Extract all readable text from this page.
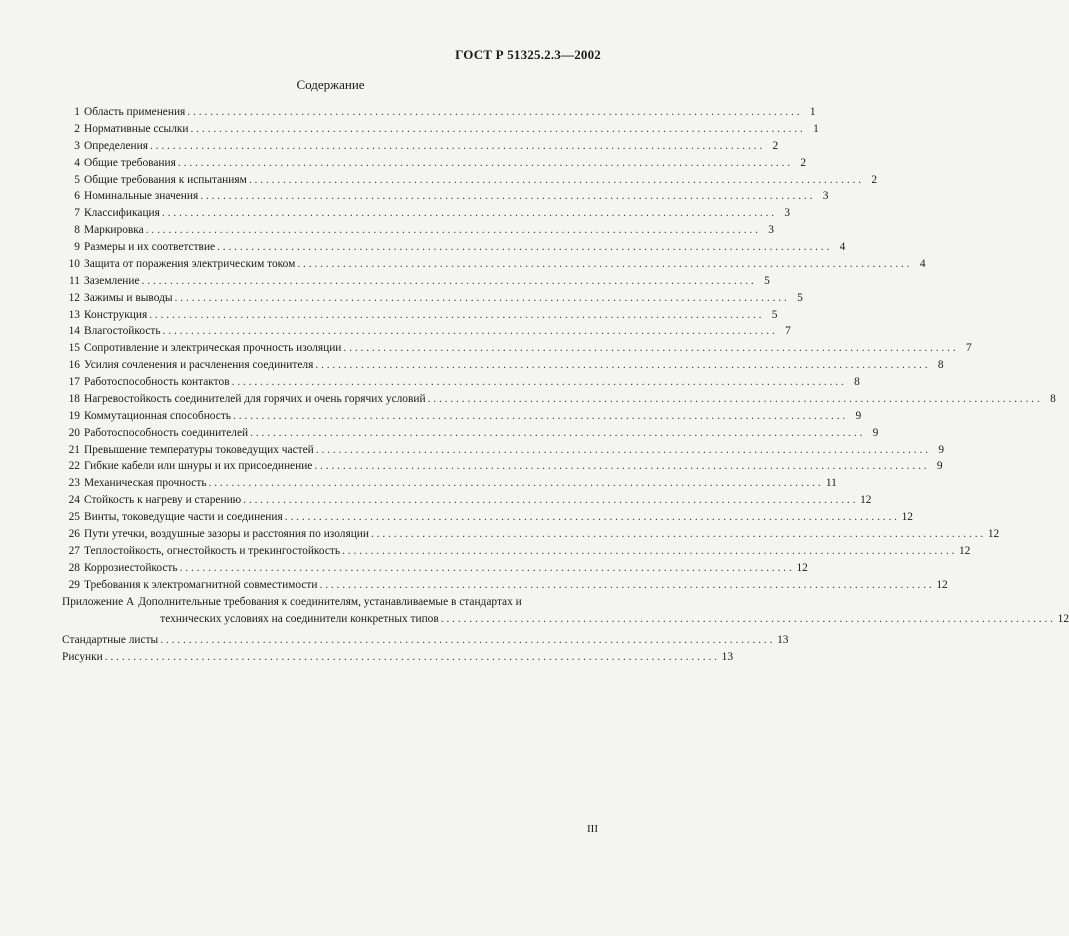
ГОСТ Р 51325.2.3—2002
Содержание
1 Область применения . . .	1
2 Нормативные ссылки . . .	1
3 Определения . . .	2
4 Общие требования . . .	2
5 Общие требования к испытаниям . . .	2
6 Номинальные значения . . .	3
7 Классификация . . .	3
8 Маркировка . . .	3
9 Размеры и их соответствие . . .	4
10 Защита от поражения электрическим током . . .	4
11 Заземление . . .	5
12 Зажимы и выводы . . .	5
13 Конструкция . . .	5
14 Влагостойкость . . .	7
15 Сопротивление и электрическая прочность изоляции . . .	7
16 Усилия сочленения и расчленения соединителя . . .	8
17 Работоспособность контактов . . .	8
18 Нагревостойкость соединителей для горячих и очень горячих условий . . .	8
19 Коммутационная способность . . .	9
20 Работоспособность соединителей . . .	9
21 Превышение температуры токоведущих частей . . .	9
22 Гибкие кабели или шнуры и их присоединение . . .	9
23 Механическая прочность . . .	11
24 Стойкость к нагреву и старению . . .	12
25 Винты, токоведущие части и соединения . . .	12
26 Пути утечки, воздушные зазоры и расстояния по изоляции . . .	12
27 Теплостойкость, огнестойкость и трекингостойкость . . .	12
28 Коррозиестойкость . . .	12
29 Требования к электромагнитной совместимости . . .	12
Приложение А Дополнительные требования к соединителям, устанавливаемые в стандартах и
технических условиях на соединители конкретных типов . . .	12
Стандартные листы . . .	13
Рисунки . . .	13
III
